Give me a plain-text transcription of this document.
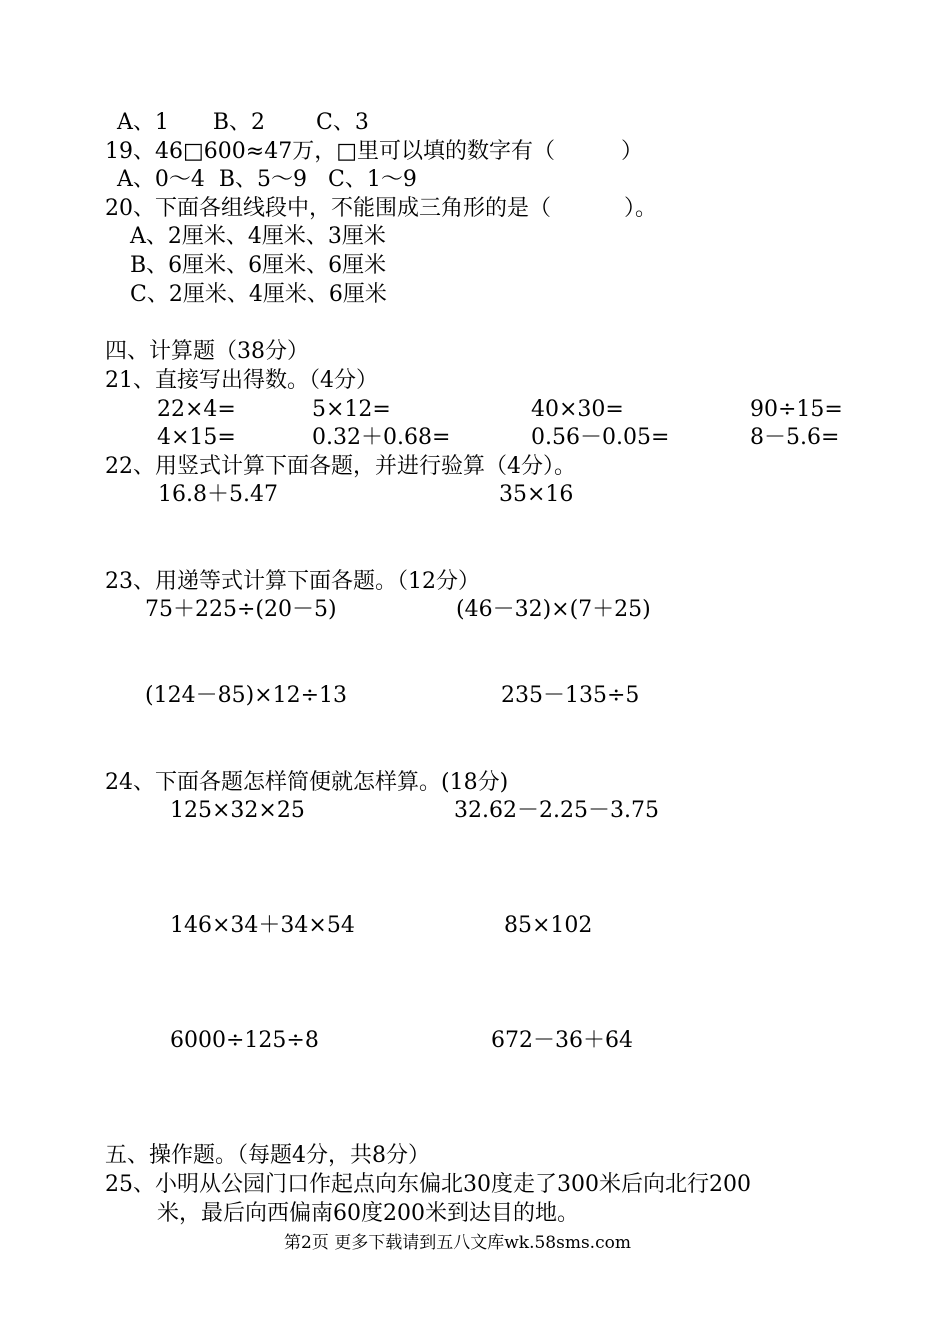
A、1　　B、2　　 C、3
19、46□600≈47万，□里可以填的数字有（　　　）
A、0～4  B、5～9   C、1～9
20、下面各组线段中，不能围成三角形的是（　　　 ）。
A、2厘米、4厘米、3厘米
B、6厘米、6厘米、6厘米
C、2厘米、4厘米、6厘米
四、计算题（38分）
21、直接写出得数。（4分）
22×4=	5×12=	40×30=	90÷15=
4×15=	0.32＋0.68=	0.56－0.05=	8－5.6=
22、用竖式计算下面各题，并进行验算（4分）。
16.8＋5.47	35×16
23、用递等式计算下面各题。（12分）
75＋225÷(20－5)	(46－32)×(7＋25)
(124－85)×12÷13	235－135÷5
24、下面各题怎样简便就怎样算。(18分)
125×32×25	32.62－2.25－3.75
146×34＋34×54	85×102
6000÷125÷8	672－36＋64
五、操作题。（每题4分，共8分）
25、小明从公园门口作起点向东偏北30度走了300米后向北行200
米，最后向西偏南60度200米到达目的地。
第2页 更多下载请到五八文库wk.58sms.com
